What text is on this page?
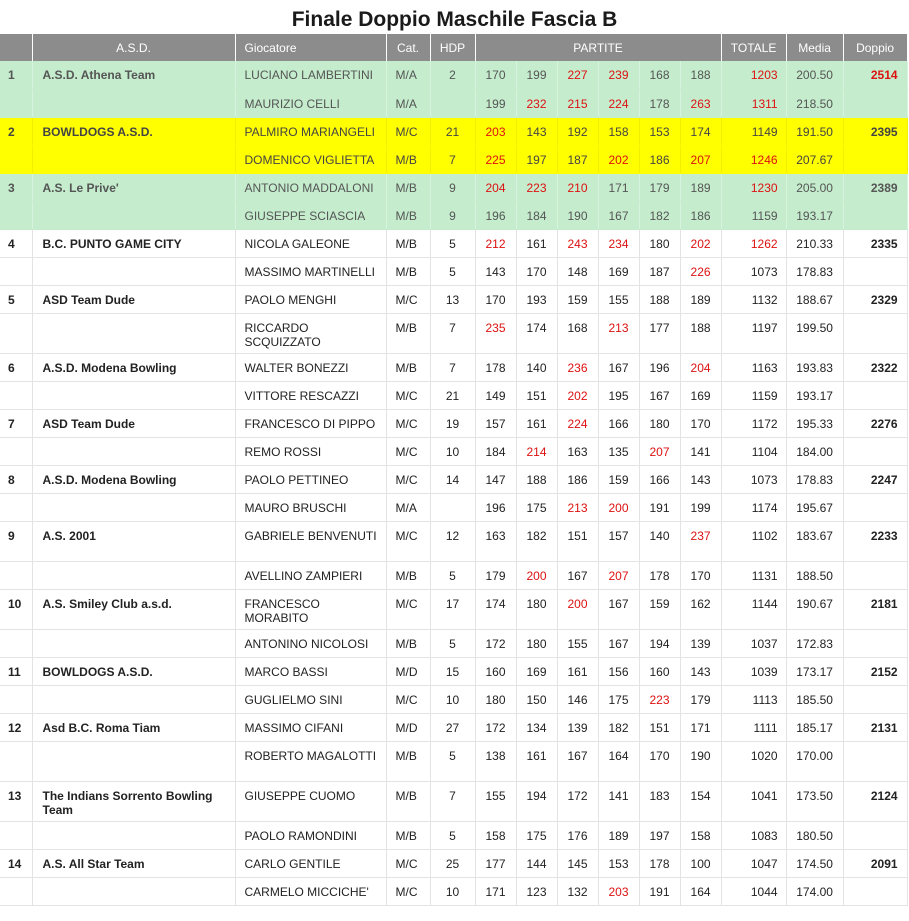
Finale Doppio Maschile Fascia B
	A.S.D.	Giocatore	Cat.	HDP	PARTITE						TOTALE	Media	Doppio
1	A.S.D. Athena Team	LUCIANO LAMBERTINI	M/A	2	170	199	227	239	168	188	1203	200.50	2514
		MAURIZIO CELLI	M/A		199	232	215	224	178	263	1311	218.50	
2	BOWLDOGS A.S.D.	PALMIRO MARIANGELI	M/C	21	203	143	192	158	153	174	1149	191.50	2395
		DOMENICO VIGLIETTA	M/B	7	225	197	187	202	186	207	1246	207.67	
3	A.S. Le Prive'	ANTONIO MADDALONI	M/B	9	204	223	210	171	179	189	1230	205.00	2389
		GIUSEPPE SCIASCIA	M/B	9	196	184	190	167	182	186	1159	193.17	
4	B.C. PUNTO GAME CITY	NICOLA GALEONE	M/B	5	212	161	243	234	180	202	1262	210.33	2335
		MASSIMO MARTINELLI	M/B	5	143	170	148	169	187	226	1073	178.83	
5	ASD Team Dude	PAOLO MENGHI	M/C	13	170	193	159	155	188	189	1132	188.67	2329
		RICCARDO SCQUIZZATO	M/B	7	235	174	168	213	177	188	1197	199.50	
6	A.S.D. Modena Bowling	WALTER BONEZZI	M/B	7	178	140	236	167	196	204	1163	193.83	2322
		VITTORE RESCAZZI	M/C	21	149	151	202	195	167	169	1159	193.17	
7	ASD Team Dude	FRANCESCO DI PIPPO	M/C	19	157	161	224	166	180	170	1172	195.33	2276
		REMO ROSSI	M/C	10	184	214	163	135	207	141	1104	184.00	
8	A.S.D. Modena Bowling	PAOLO PETTINEO	M/C	14	147	188	186	159	166	143	1073	178.83	2247
		MAURO BRUSCHI	M/A		196	175	213	200	191	199	1174	195.67	
9	A.S. 2001	GABRIELE BENVENUTI	M/C	12	163	182	151	157	140	237	1102	183.67	2233
		AVELLINO ZAMPIERI	M/B	5	179	200	167	207	178	170	1131	188.50	
10	A.S. Smiley Club a.s.d.	FRANCESCO MORABITO	M/C	17	174	180	200	167	159	162	1144	190.67	2181
		ANTONINO NICOLOSI	M/B	5	172	180	155	167	194	139	1037	172.83	
11	BOWLDOGS A.S.D.	MARCO BASSI	M/D	15	160	169	161	156	160	143	1039	173.17	2152
		GUGLIELMO SINI	M/C	10	180	150	146	175	223	179	1113	185.50	
12	Asd B.C. Roma Tiam	MASSIMO CIFANI	M/D	27	172	134	139	182	151	171	1111	185.17	2131
		ROBERTO MAGALOTTI	M/B	5	138	161	167	164	170	190	1020	170.00	
13	The Indians Sorrento Bowling Team	GIUSEPPE CUOMO	M/B	7	155	194	172	141	183	154	1041	173.50	2124
		PAOLO RAMONDINI	M/B	5	158	175	176	189	197	158	1083	180.50	
14	A.S. All Star Team	CARLO GENTILE	M/C	25	177	144	145	153	178	100	1047	174.50	2091
		CARMELO MICCICHE'	M/C	10	171	123	132	203	191	164	1044	174.00	
